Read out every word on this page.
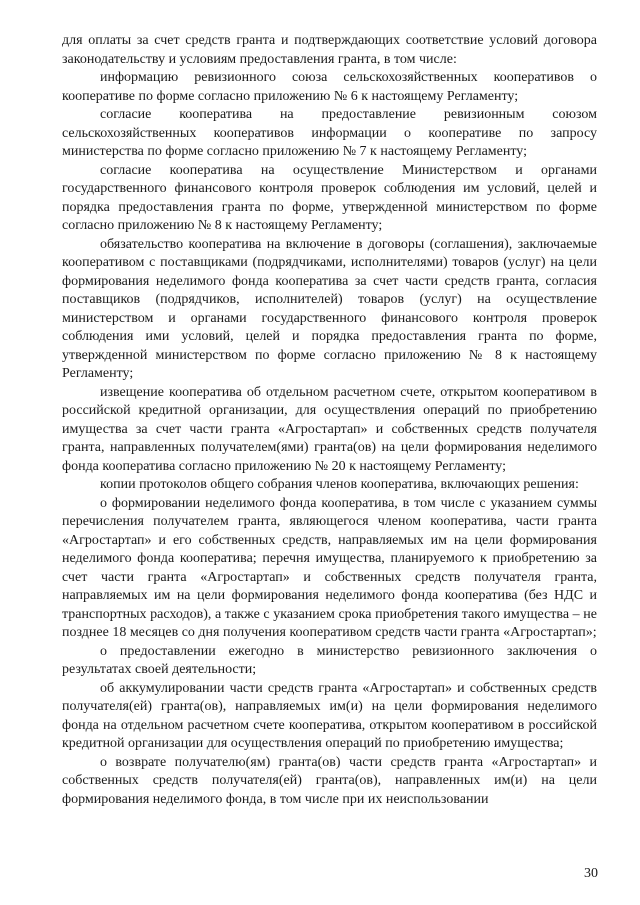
для оплаты за счет средств гранта и подтверждающих соответствие условий договора законодательству и условиям предоставления гранта, в том числе:

информацию ревизионного союза сельскохозяйственных кооперативов о кооперативе по форме согласно приложению № 6 к настоящему Регламенту;

согласие кооператива на предоставление ревизионным союзом сельскохозяйственных кооперативов информации о кооперативе по запросу министерства по форме согласно приложению № 7 к настоящему Регламенту;

согласие кооператива на осуществление Министерством и органами государственного финансового контроля проверок соблюдения им условий, целей и порядка предоставления гранта по форме, утвержденной министерством по форме согласно приложению № 8 к настоящему Регламенту;

обязательство кооператива на включение в договоры (соглашения), заключаемые кооперативом с поставщиками (подрядчиками, исполнителями) товаров (услуг) на цели формирования неделимого фонда кооператива за счет части средств гранта, согласия поставщиков (подрядчиков, исполнителей) товаров (услуг) на осуществление министерством и органами государственного финансового контроля проверок соблюдения ими условий, целей и порядка предоставления гранта по форме, утвержденной министерством по форме согласно приложению № 8 к настоящему Регламенту;

извещение кооператива об отдельном расчетном счете, открытом кооперативом в российской кредитной организации, для осуществления операций по приобретению имущества за счет части гранта «Агростартап» и собственных средств получателя гранта, направленных получателем(ями) гранта(ов) на цели формирования неделимого фонда кооператива согласно приложению № 20 к настоящему Регламенту;

копии протоколов общего собрания членов кооператива, включающих решения:

о формировании неделимого фонда кооператива, в том числе с указанием суммы перечисления получателем гранта, являющегося членом кооператива, части гранта «Агростартап» и его собственных средств, направляемых им на цели формирования неделимого фонда кооператива; перечня имущества, планируемого к приобретению за счет части гранта «Агростартап» и собственных средств получателя гранта, направляемых им на цели формирования неделимого фонда кооператива (без НДС и транспортных расходов), а также с указанием срока приобретения такого имущества – не позднее 18 месяцев со дня получения кооперативом средств части гранта «Агростартап»;

о предоставлении ежегодно в министерство ревизионного заключения о результатах своей деятельности;

об аккумулировании части средств гранта «Агростартап» и собственных средств получателя(ей) гранта(ов), направляемых им(и) на цели формирования неделимого фонда на отдельном расчетном счете кооператива, открытом кооперативом в российской кредитной организации для осуществления операций по приобретению имущества;

о возврате получателю(ям) гранта(ов) части средств гранта «Агростартап» и собственных средств получателя(ей) гранта(ов), направленных им(и) на цели формирования неделимого фонда, в том числе при их неиспользовании

30
